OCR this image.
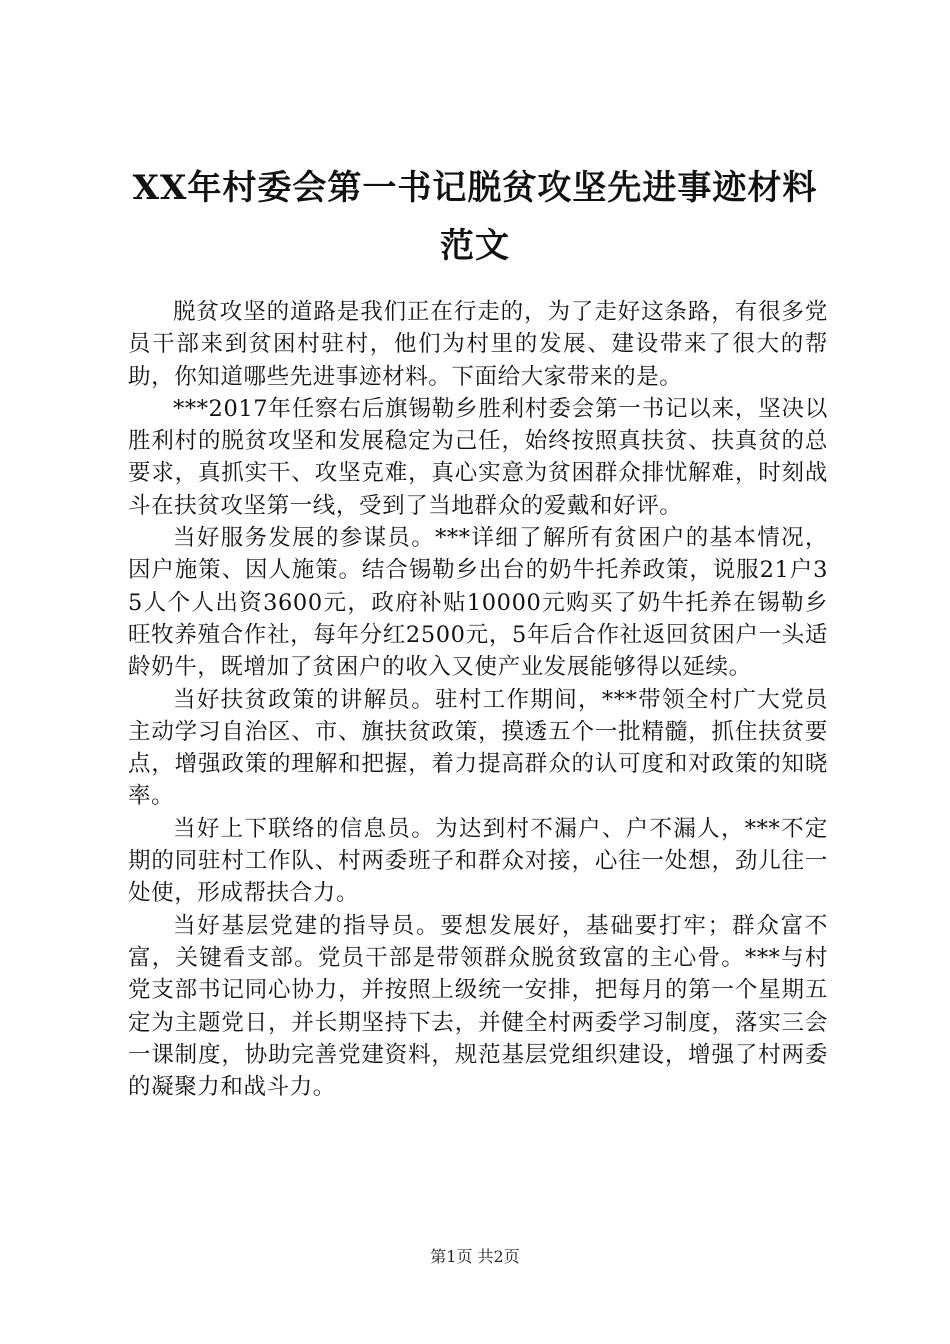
XX年村委会第一书记脱贫攻坚先进事迹材料
范文

脱贫攻坚的道路是我们正在行走的，为了走好这条路，有很多党员干部来到贫困村驻村，他们为村里的发展、建设带来了很大的帮助，你知道哪些先进事迹材料。下面给大家带来的是。

***2017年任察右后旗锡勒乡胜利村委会第一书记以来，坚决以胜利村的脱贫攻坚和发展稳定为己任，始终按照真扶贫、扶真贫的总要求，真抓实干、攻坚克难，真心实意为贫困群众排忧解难，时刻战斗在扶贫攻坚第一线，受到了当地群众的爱戴和好评。

当好服务发展的参谋员。***详细了解所有贫困户的基本情况，因户施策、因人施策。结合锡勒乡出台的奶牛托养政策，说服21户35人个人出资3600元，政府补贴10000元购买了奶牛托养在锡勒乡旺牧养殖合作社，每年分红2500元，5年后合作社返回贫困户一头适龄奶牛，既增加了贫困户的收入又使产业发展能够得以延续。

当好扶贫政策的讲解员。驻村工作期间，***带领全村广大党员主动学习自治区、市、旗扶贫政策，摸透五个一批精髓，抓住扶贫要点，增强政策的理解和把握，着力提高群众的认可度和对政策的知晓率。

当好上下联络的信息员。为达到村不漏户、户不漏人，***不定期的同驻村工作队、村两委班子和群众对接，心往一处想，劲儿往一处使，形成帮扶合力。

当好基层党建的指导员。要想发展好，基础要打牢；群众富不富，关键看支部。党员干部是带领群众脱贫致富的主心骨。***与村党支部书记同心协力，并按照上级统一安排，把每月的第一个星期五定为主题党日，并长期坚持下去，并健全村两委学习制度，落实三会一课制度，协助完善党建资料，规范基层党组织建设，增强了村两委的凝聚力和战斗力。

第1页 共2页
